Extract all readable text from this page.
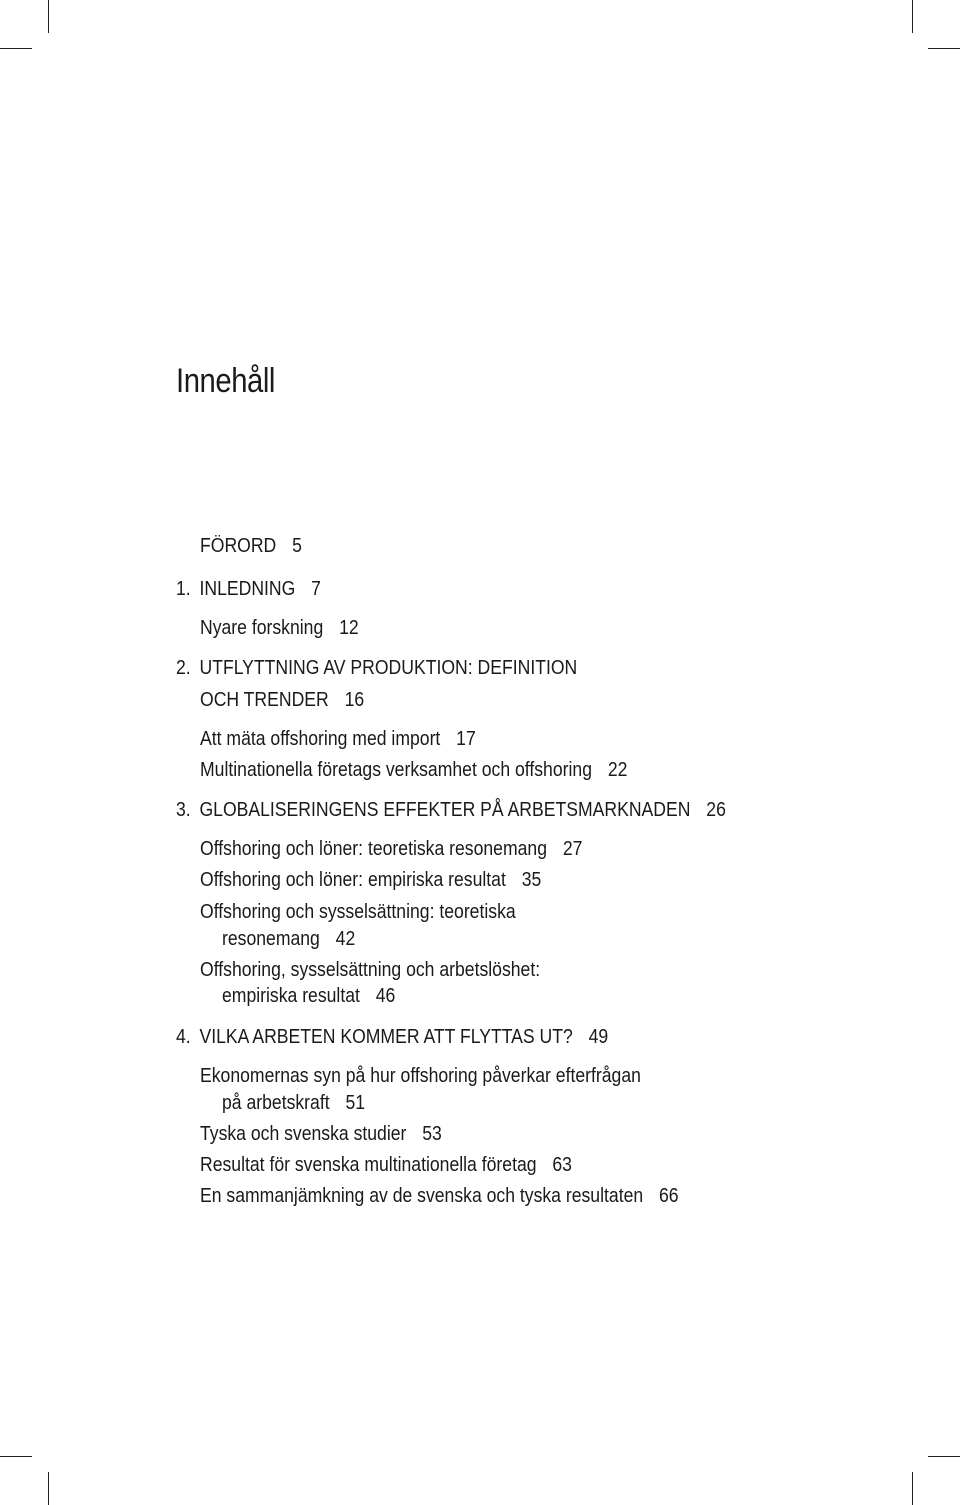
Innehåll

FÖRORD 5

1. INLEDNING 7

Nyare forskning 12

2. UTFLYTTNING AV PRODUKTION: DEFINITION

OCH TRENDER 16

Att mäta offshoring med import 17

Multinationella företags verksamhet och offshoring 22

3. GLOBALISERINGENS EFFEKTER PÅ ARBETSMARKNADEN 26

Offshoring och löner: teoretiska resonemang 27

Offshoring och löner: empiriska resultat 35

Offshoring och sysselsättning: teoretiska

resonemang 42

Offshoring, sysselsättning och arbetslöshet:

empiriska resultat 46

4. VILKA ARBETEN KOMMER ATT FLYTTAS UT? 49

Ekonomernas syn på hur offshoring påverkar efterfrågan

på arbetskraft 51

Tyska och svenska studier 53

Resultat för svenska multinationella företag 63

En sammanjämkning av de svenska och tyska resultaten 66
